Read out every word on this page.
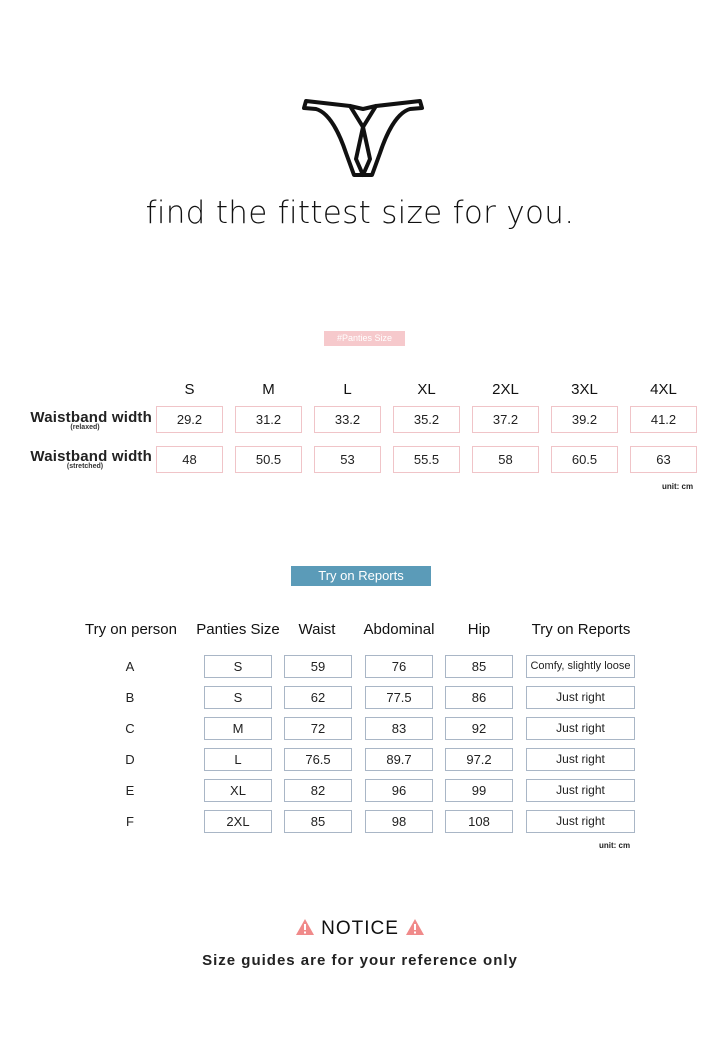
find the fittest size for you.
#Panties Size
S	M	L	XL	2XL	3XL	4XL
Waistband width
(relaxed)
29.2	31.2	33.2	35.2	37.2	39.2	41.2
Waistband width
(stretched)	48	50.5	53	55.5	58	60.5	63
unit: cm
Try on Reports
Try on person	Panties Size	Waist	Abdominal	Hip	Try on Reports
A	S	59	76	85	Comfy, slightly loose
B	S	62	77.5	86	Just right
C	M	72	83	92	Just right
D	L	76.5	89.7	97.2	Just right
E	XL	82	96	99	Just right
F	2XL	85	98	108	Just right
unit: cm
NOTICE
Size guides are for your reference only
